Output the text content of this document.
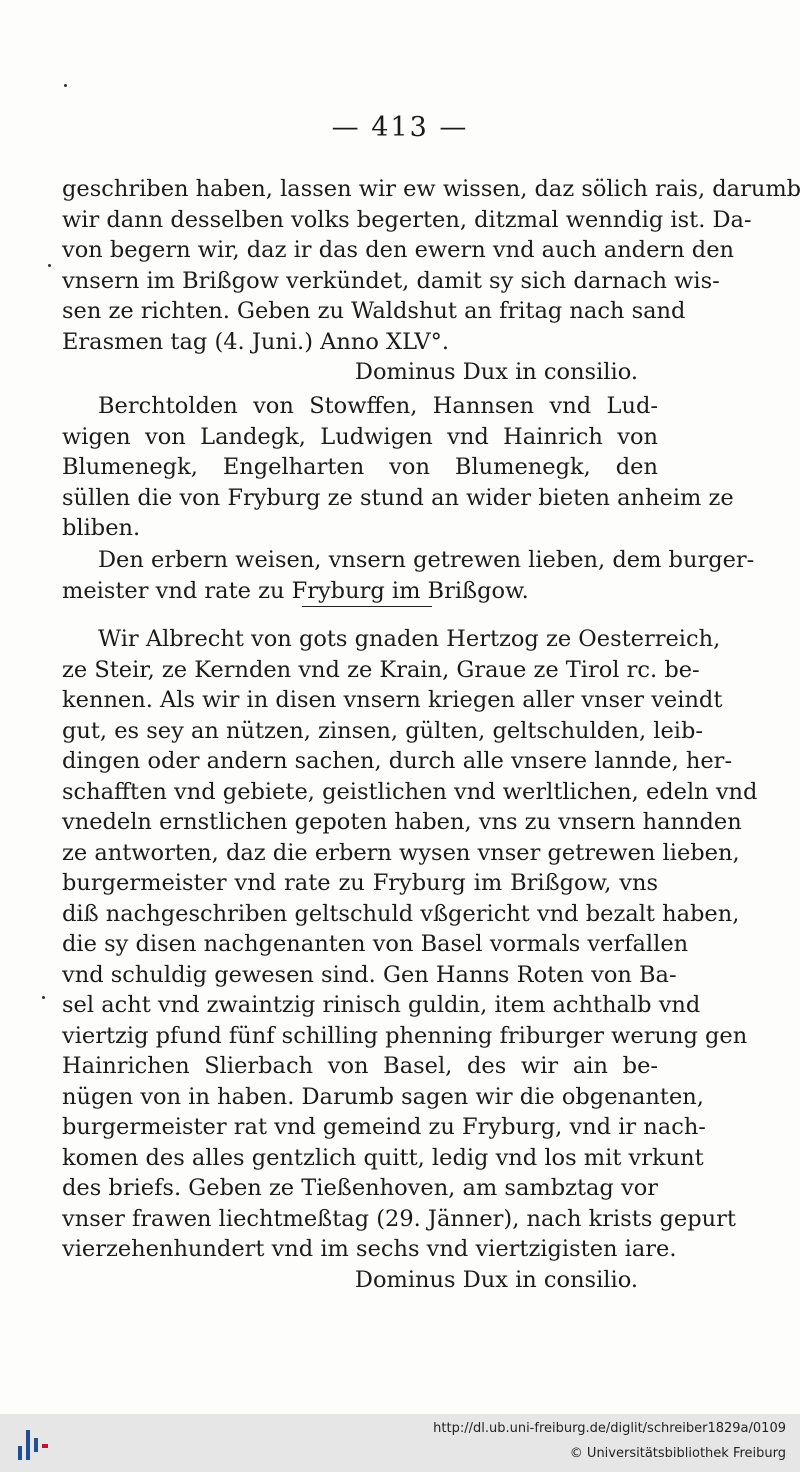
— 413 —
geschriben haben, lassen wir ew wissen, daz sölich rais, darumb
wir dann desselben volks begerten, ditzmal wenndig ist. Da-
von begern wir, daz ir das den ewern vnd auch andern den
vnsern im Brißgow verkündet, damit sy sich darnach wis-
sen ze richten. Geben zu Waldshut an fritag nach sand
Erasmen tag (4. Juni.) Anno XLV°.
Dominus Dux in consilio.
Berchtolden von Stowffen, Hannsen vnd Lud-
wigen von Landegk, Ludwigen vnd Hainrich von
Blumenegk, Engelharten von Blumenegk, den
süllen die von Fryburg ze stund an wider bieten anheim ze
bliben.
Den erbern weisen, vnsern getrewen lieben, dem burger-
meister vnd rate zu Fryburg im Brißgow.
Wir Albrecht von gots gnaden Hertzog ze Oesterreich,
ze Steir, ze Kernden vnd ze Krain, Graue ze Tirol rc. be-
kennen. Als wir in disen vnsern kriegen aller vnser veindt
gut, es sey an nützen, zinsen, gülten, geltschulden, leib-
dingen oder andern sachen, durch alle vnsere lannde, her-
schafften vnd gebiete, geistlichen vnd werltlichen, edeln vnd
vnedeln ernstlichen gepoten haben, vns zu vnsern hannden
ze antworten, daz die erbern wysen vnser getrewen lieben,
burgermeister vnd rate zu Fryburg im Brißgow, vns
diß nachgeschriben geltschuld vßgericht vnd bezalt haben,
die sy disen nachgenanten von Basel vormals verfallen
vnd schuldig gewesen sind. Gen Hanns Roten von Ba-
sel acht vnd zwaintzig rinisch guldin, item achthalb vnd
viertzig pfund fünf schilling phenning friburger werung gen
Hainrichen Slierbach von Basel, des wir ain be-
nügen von in haben. Darumb sagen wir die obgenanten,
burgermeister rat vnd gemeind zu Fryburg, vnd ir nach-
komen des alles gentzlich quitt, ledig vnd los mit vrkunt
des briefs. Geben ze Tießenhoven, am sambztag vor
vnser frawen liechtmeßtag (29. Jänner), nach krists gepurt
vierzehenhundert vnd im sechs vnd viertzigisten iare.
Dominus Dux in consilio.
http://dl.ub.uni-freiburg.de/diglit/schreiber1829a/0109
© Universitätsbibliothek Freiburg
